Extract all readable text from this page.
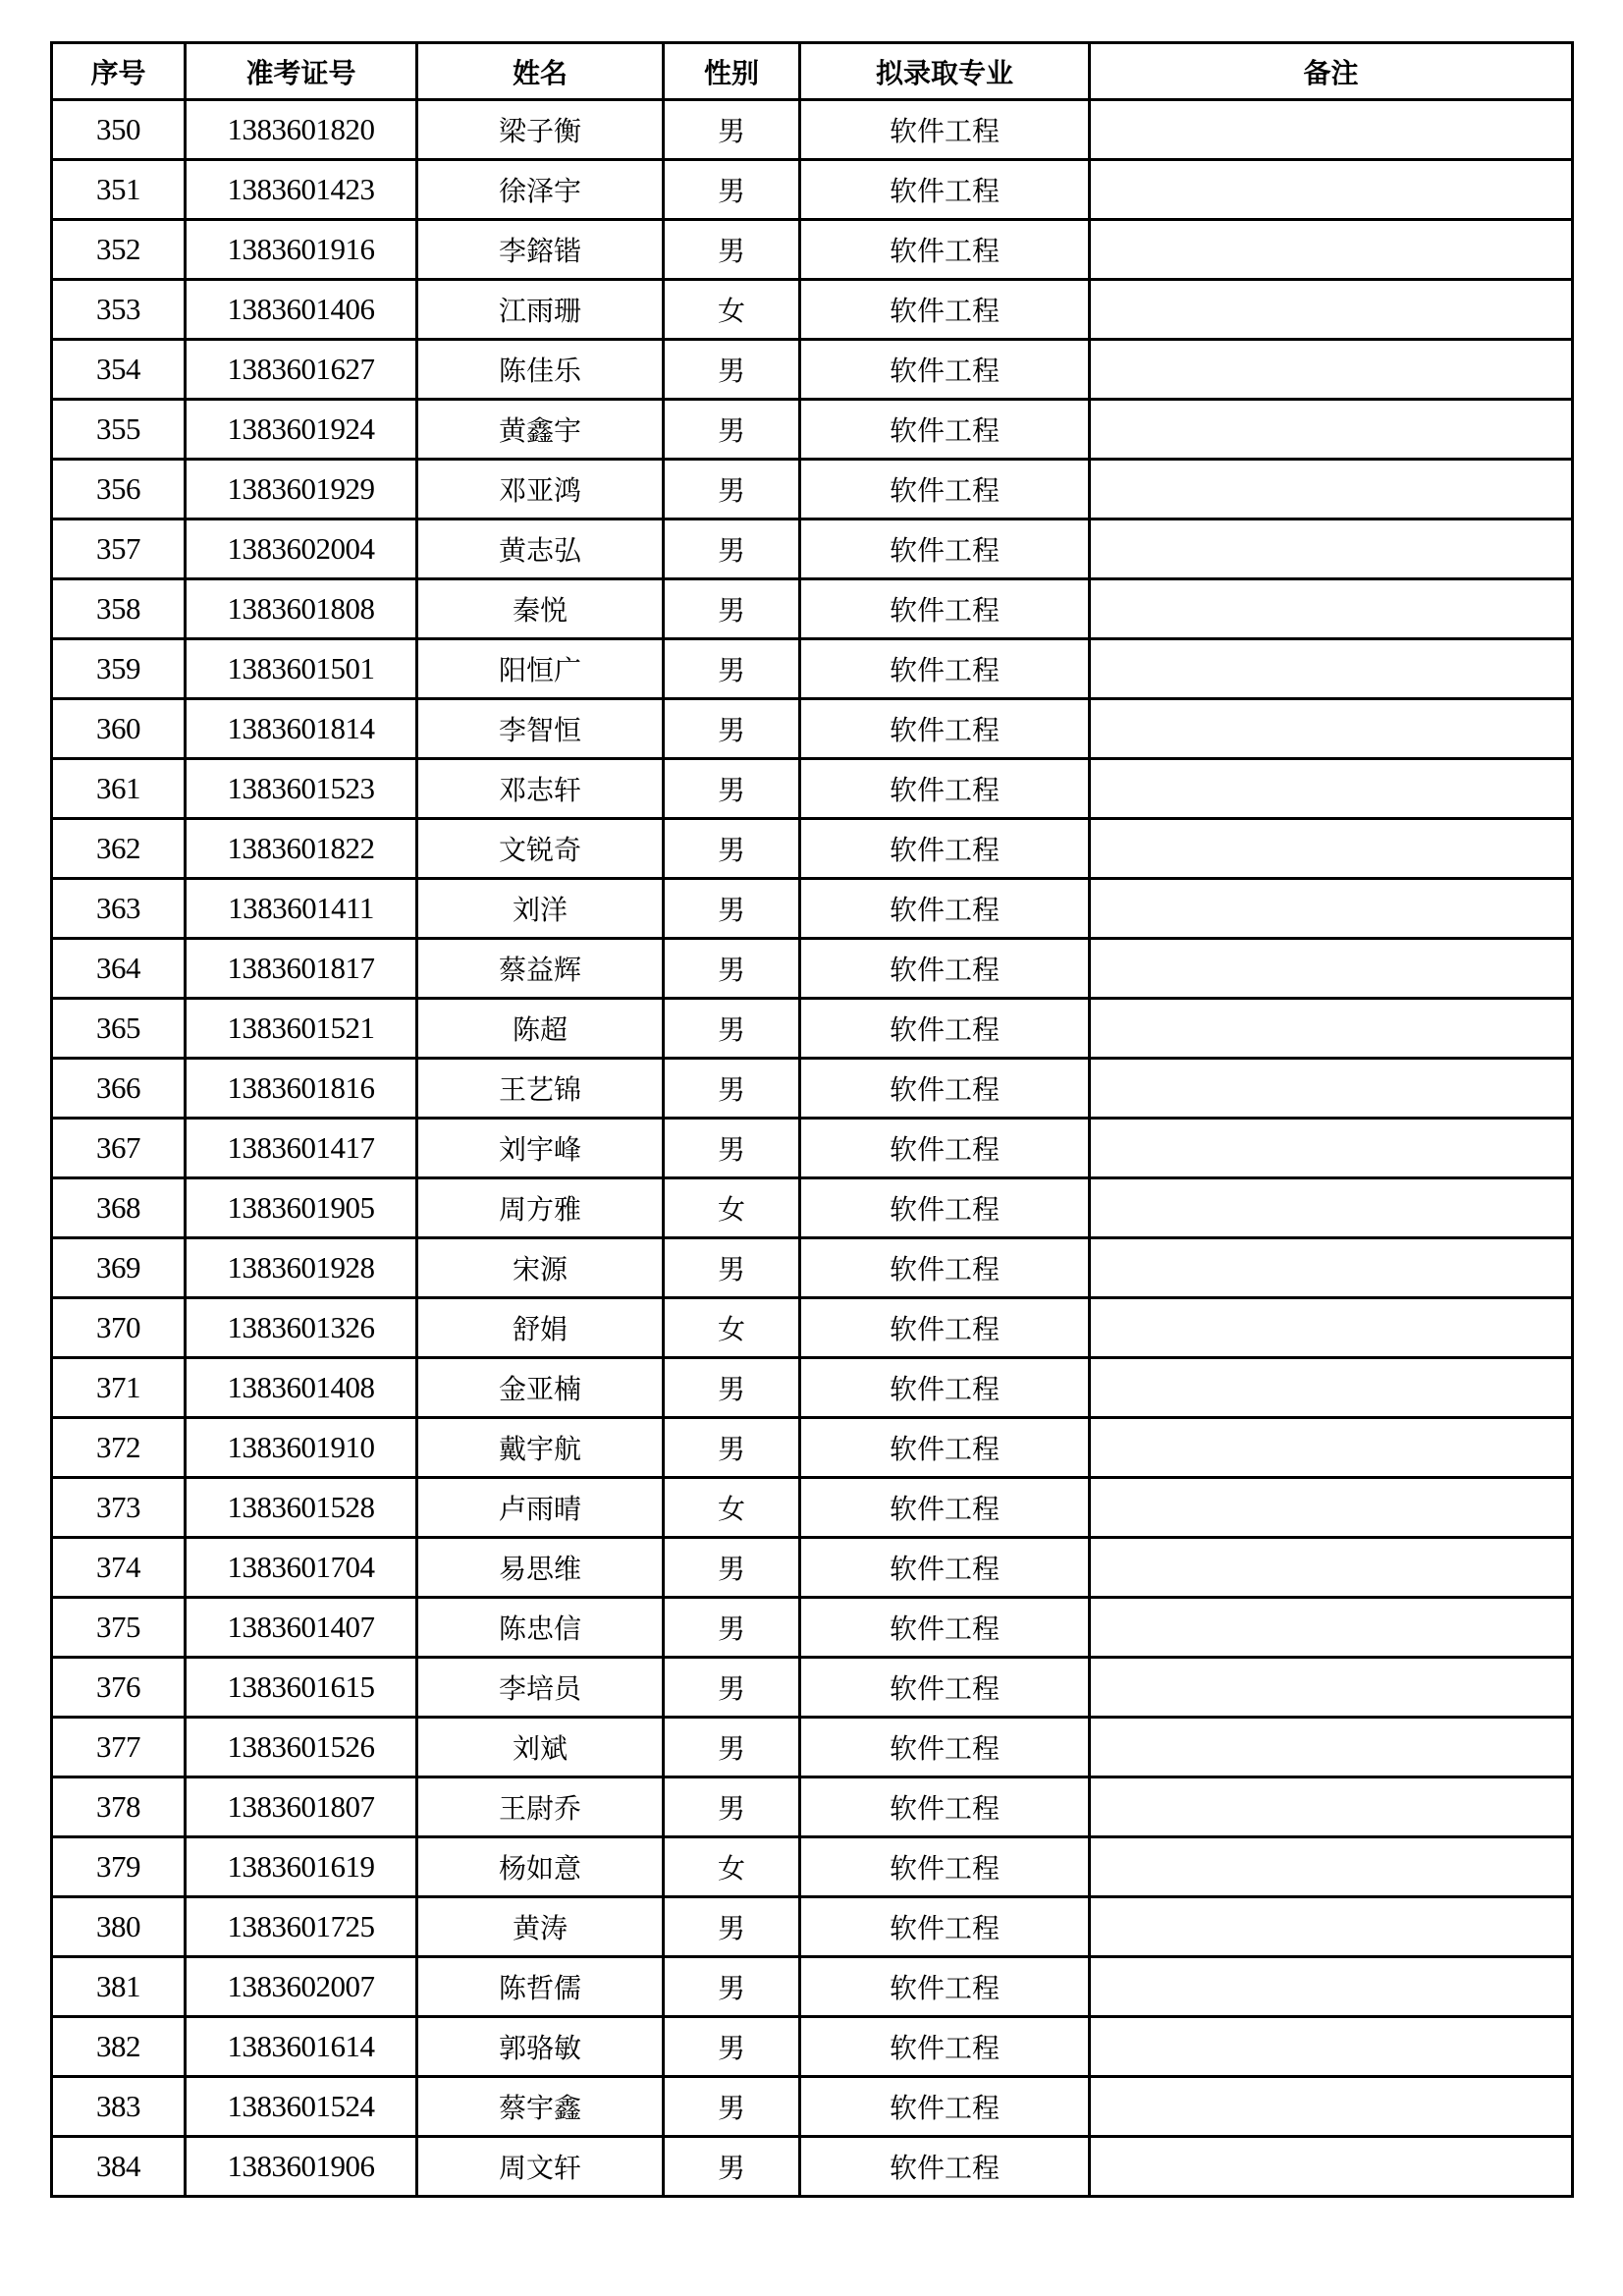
序号	准考证号	姓名	性别	拟录取专业	备注
350	1383601820	梁子衡	男	软件工程	
351	1383601423	徐泽宇	男	软件工程	
352	1383601916	李鎔锴	男	软件工程	
353	1383601406	江雨珊	女	软件工程	
354	1383601627	陈佳乐	男	软件工程	
355	1383601924	黄鑫宇	男	软件工程	
356	1383601929	邓亚鸿	男	软件工程	
357	1383602004	黄志弘	男	软件工程	
358	1383601808	秦悦	男	软件工程	
359	1383601501	阳恒广	男	软件工程	
360	1383601814	李智恒	男	软件工程	
361	1383601523	邓志轩	男	软件工程	
362	1383601822	文锐奇	男	软件工程	
363	1383601411	刘洋	男	软件工程	
364	1383601817	蔡益辉	男	软件工程	
365	1383601521	陈超	男	软件工程	
366	1383601816	王艺锦	男	软件工程	
367	1383601417	刘宇峰	男	软件工程	
368	1383601905	周方雅	女	软件工程	
369	1383601928	宋源	男	软件工程	
370	1383601326	舒娟	女	软件工程	
371	1383601408	金亚楠	男	软件工程	
372	1383601910	戴宇航	男	软件工程	
373	1383601528	卢雨晴	女	软件工程	
374	1383601704	易思维	男	软件工程	
375	1383601407	陈忠信	男	软件工程	
376	1383601615	李培员	男	软件工程	
377	1383601526	刘斌	男	软件工程	
378	1383601807	王尉乔	男	软件工程	
379	1383601619	杨如意	女	软件工程	
380	1383601725	黄涛	男	软件工程	
381	1383602007	陈哲儒	男	软件工程	
382	1383601614	郭骆敏	男	软件工程	
383	1383601524	蔡宇鑫	男	软件工程	
384	1383601906	周文轩	男	软件工程	
